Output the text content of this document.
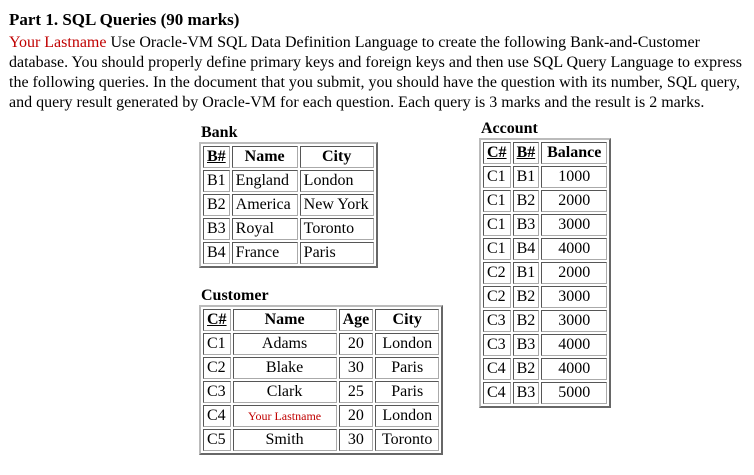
Part 1. SQL Queries (90 marks)
Your Lastname Use Oracle-VM SQL Data Definition Language to create the following Bank-and-Customer database. You should properly define primary keys and foreign keys and then use SQL Query Language to express the following queries. In the document that you submit, you should have the question with its number, SQL query, and query result generated by Oracle-VM for each question. Each query is 3 marks and the result is 2 marks.
Bank
B#	Name	City
B1	England	London
B2	America	New York
B3	Royal	Toronto
B4	France	Paris
Customer
C#	Name	Age	City
C1	Adams	20	London
C2	Blake	30	Paris
C3	Clark	25	Paris
C4	Your Lastname	20	London
C5	Smith	30	Toronto
Account
C#	B#	Balance
C1	B1	1000
C1	B2	2000
C1	B3	3000
C1	B4	4000
C2	B1	2000
C2	B2	3000
C3	B2	3000
C3	B3	4000
C4	B2	4000
C4	B3	5000
